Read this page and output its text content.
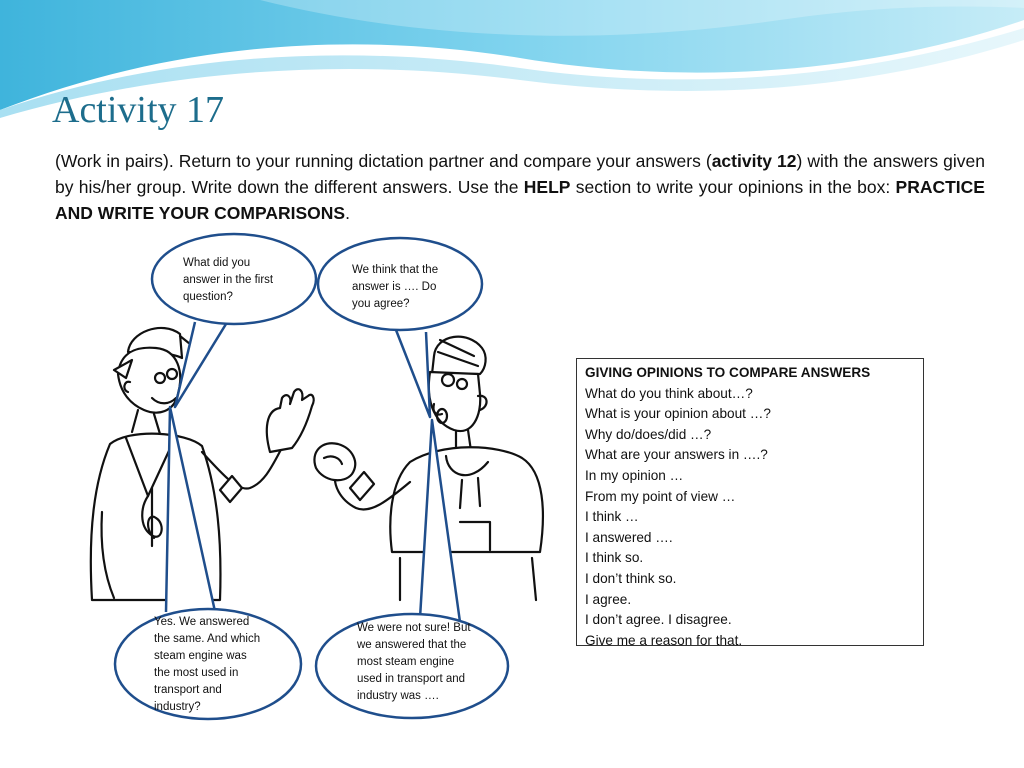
Activity 17

(Work in pairs). Return to your running dictation partner and compare your answers (activity 12) with the answers given by his/her group. Write down the different answers. Use the HELP section to write your opinions in the box: PRACTICE AND WRITE YOUR COMPARISONS.

What did you
answer in the first
question?
We think that the
answer is …. Do
you agree?
Yes. We answered
the same. And which
steam engine was
the most used in
transport and
industry?
We were not sure! But
we answered that the
most steam engine
used in transport and
industry was ….
GIVING OPINIONS TO COMPARE ANSWERS
What do you think about…?
What is your opinion about …?
Why do/does/did …?
What are your answers in ….?
In my opinion …
From my point of view …
I think …
I answered ….
I think so.
I don’t think so.
I agree.
I don’t agree. I disagree.
Give me a reason for that.
